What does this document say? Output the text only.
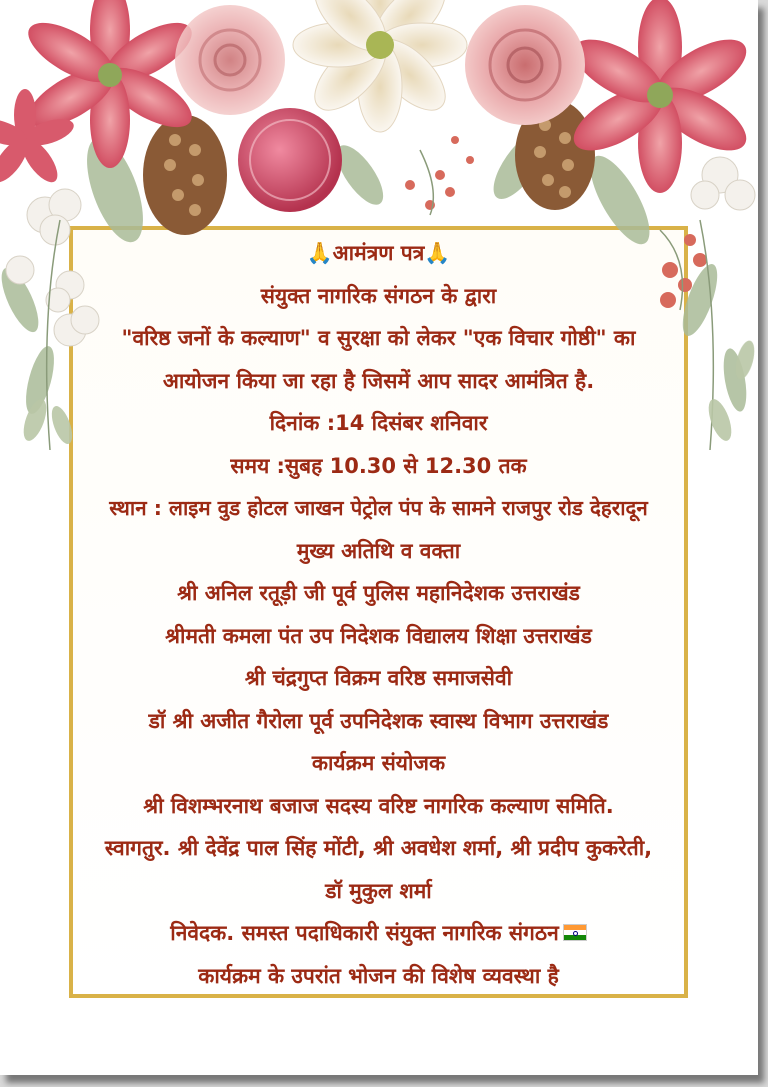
🙏आमंत्रण पत्र🙏
संयुक्त नागरिक संगठन के द्वारा
"वरिष्ठ जनों के कल्याण" व सुरक्षा को लेकर "एक विचार गोष्ठी" का
आयोजन किया जा रहा है जिसमें आप सादर आमंत्रित है.
दिनांक :14 दिसंबर शनिवार
समय :सुबह 10.30 से 12.30 तक
स्थान : लाइम वुड होटल जाखन पेट्रोल पंप के सामने राजपुर रोड देहरादून
मुख्य अतिथि व वक्ता
श्री अनिल रतूड़ी जी पूर्व पुलिस महानिदेशक उत्तराखंड
श्रीमती कमला पंत उप निदेशक विद्यालय शिक्षा उत्तराखंड
श्री चंद्रगुप्त विक्रम वरिष्ठ समाजसेवी
डॉ श्री अजीत गैरोला पूर्व उपनिदेशक स्वास्थ विभाग उत्तराखंड
कार्यक्रम संयोजक
श्री विशम्भरनाथ बजाज सदस्य वरिष्ट नागरिक कल्याण समिति.
स्वागतुर. श्री देवेंद्र पाल सिंह मोंटी, श्री अवधेश शर्मा, श्री प्रदीप कुकरेती,
डॉ मुकुल शर्मा
निवेदक. समस्त पदाधिकारी संयुक्त नागरिक संगठन
कार्यक्रम के उपरांत भोजन की विशेष व्यवस्था है
